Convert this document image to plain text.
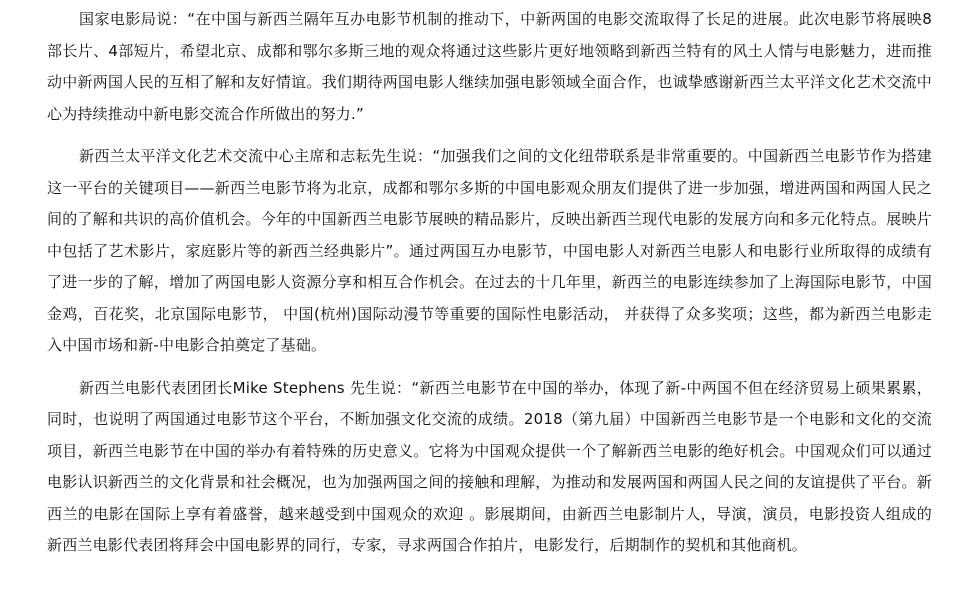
国家电影局说：“在中国与新西兰隔年互办电影节机制的推动下，中新两国的电影交流取得了长足的进展。此次电影节将展映8部长片、4部短片，希望北京、成都和鄂尔多斯三地的观众将通过这些影片更好地领略到新西兰特有的风土人情与电影魅力，进而推动中新两国人民的互相了解和友好情谊。我们期待两国电影人继续加强电影领域全面合作，也诚挚感谢新西兰太平洋文化艺术交流中心为持续推动中新电影交流合作所做出的努力.”

新西兰太平洋文化艺术交流中心主席和志耘先生说：“加强我们之间的文化纽带联系是非常重要的。中国新西兰电影节作为搭建这一平台的关键项目——新西兰电影节将为北京，成都和鄂尔多斯的中国电影观众朋友们提供了进一步加强，增进两国和两国人民之间的了解和共识的高价值机会。今年的中国新西兰电影节展映的精品影片，反映出新西兰现代电影的发展方向和多元化特点。展映片中包括了艺术影片，家庭影片等的新西兰经典影片”。通过两国互办电影节，中国电影人对新西兰电影人和电影行业所取得的成绩有了进一步的了解，增加了两国电影人资源分享和相互合作机会。在过去的十几年里，新西兰的电影连续参加了上海国际电影节，中国金鸡，百花奖，北京国际电影节， 中国(杭州)国际动漫节等重要的国际性电影活动， 并获得了众多奖项；这些，都为新西兰电影走入中国市场和新-中电影合拍奠定了基础。

新西兰电影代表团团长Mike Stephens 先生说：“新西兰电影节在中国的举办，体现了新-中两国不但在经济贸易上硕果累累，同时，也说明了两国通过电影节这个平台，不断加强文化交流的成绩。2018（第九届）中国新西兰电影节是一个电影和文化的交流项目，新西兰电影节在中国的举办有着特殊的历史意义。它将为中国观众提供一个了解新西兰电影的绝好机会。中国观众们可以通过电影认识新西兰的文化背景和社会概况，也为加强两国之间的接触和理解，为推动和发展两国和两国人民之间的友谊提供了平台。新西兰的电影在国际上享有着盛誉，越来越受到中国观众的欢迎 。影展期间，由新西兰电影制片人，导演，演员，电影投资人组成的新西兰电影代表团将拜会中国电影界的同行，专家，寻求两国合作拍片，电影发行，后期制作的契机和其他商机。
